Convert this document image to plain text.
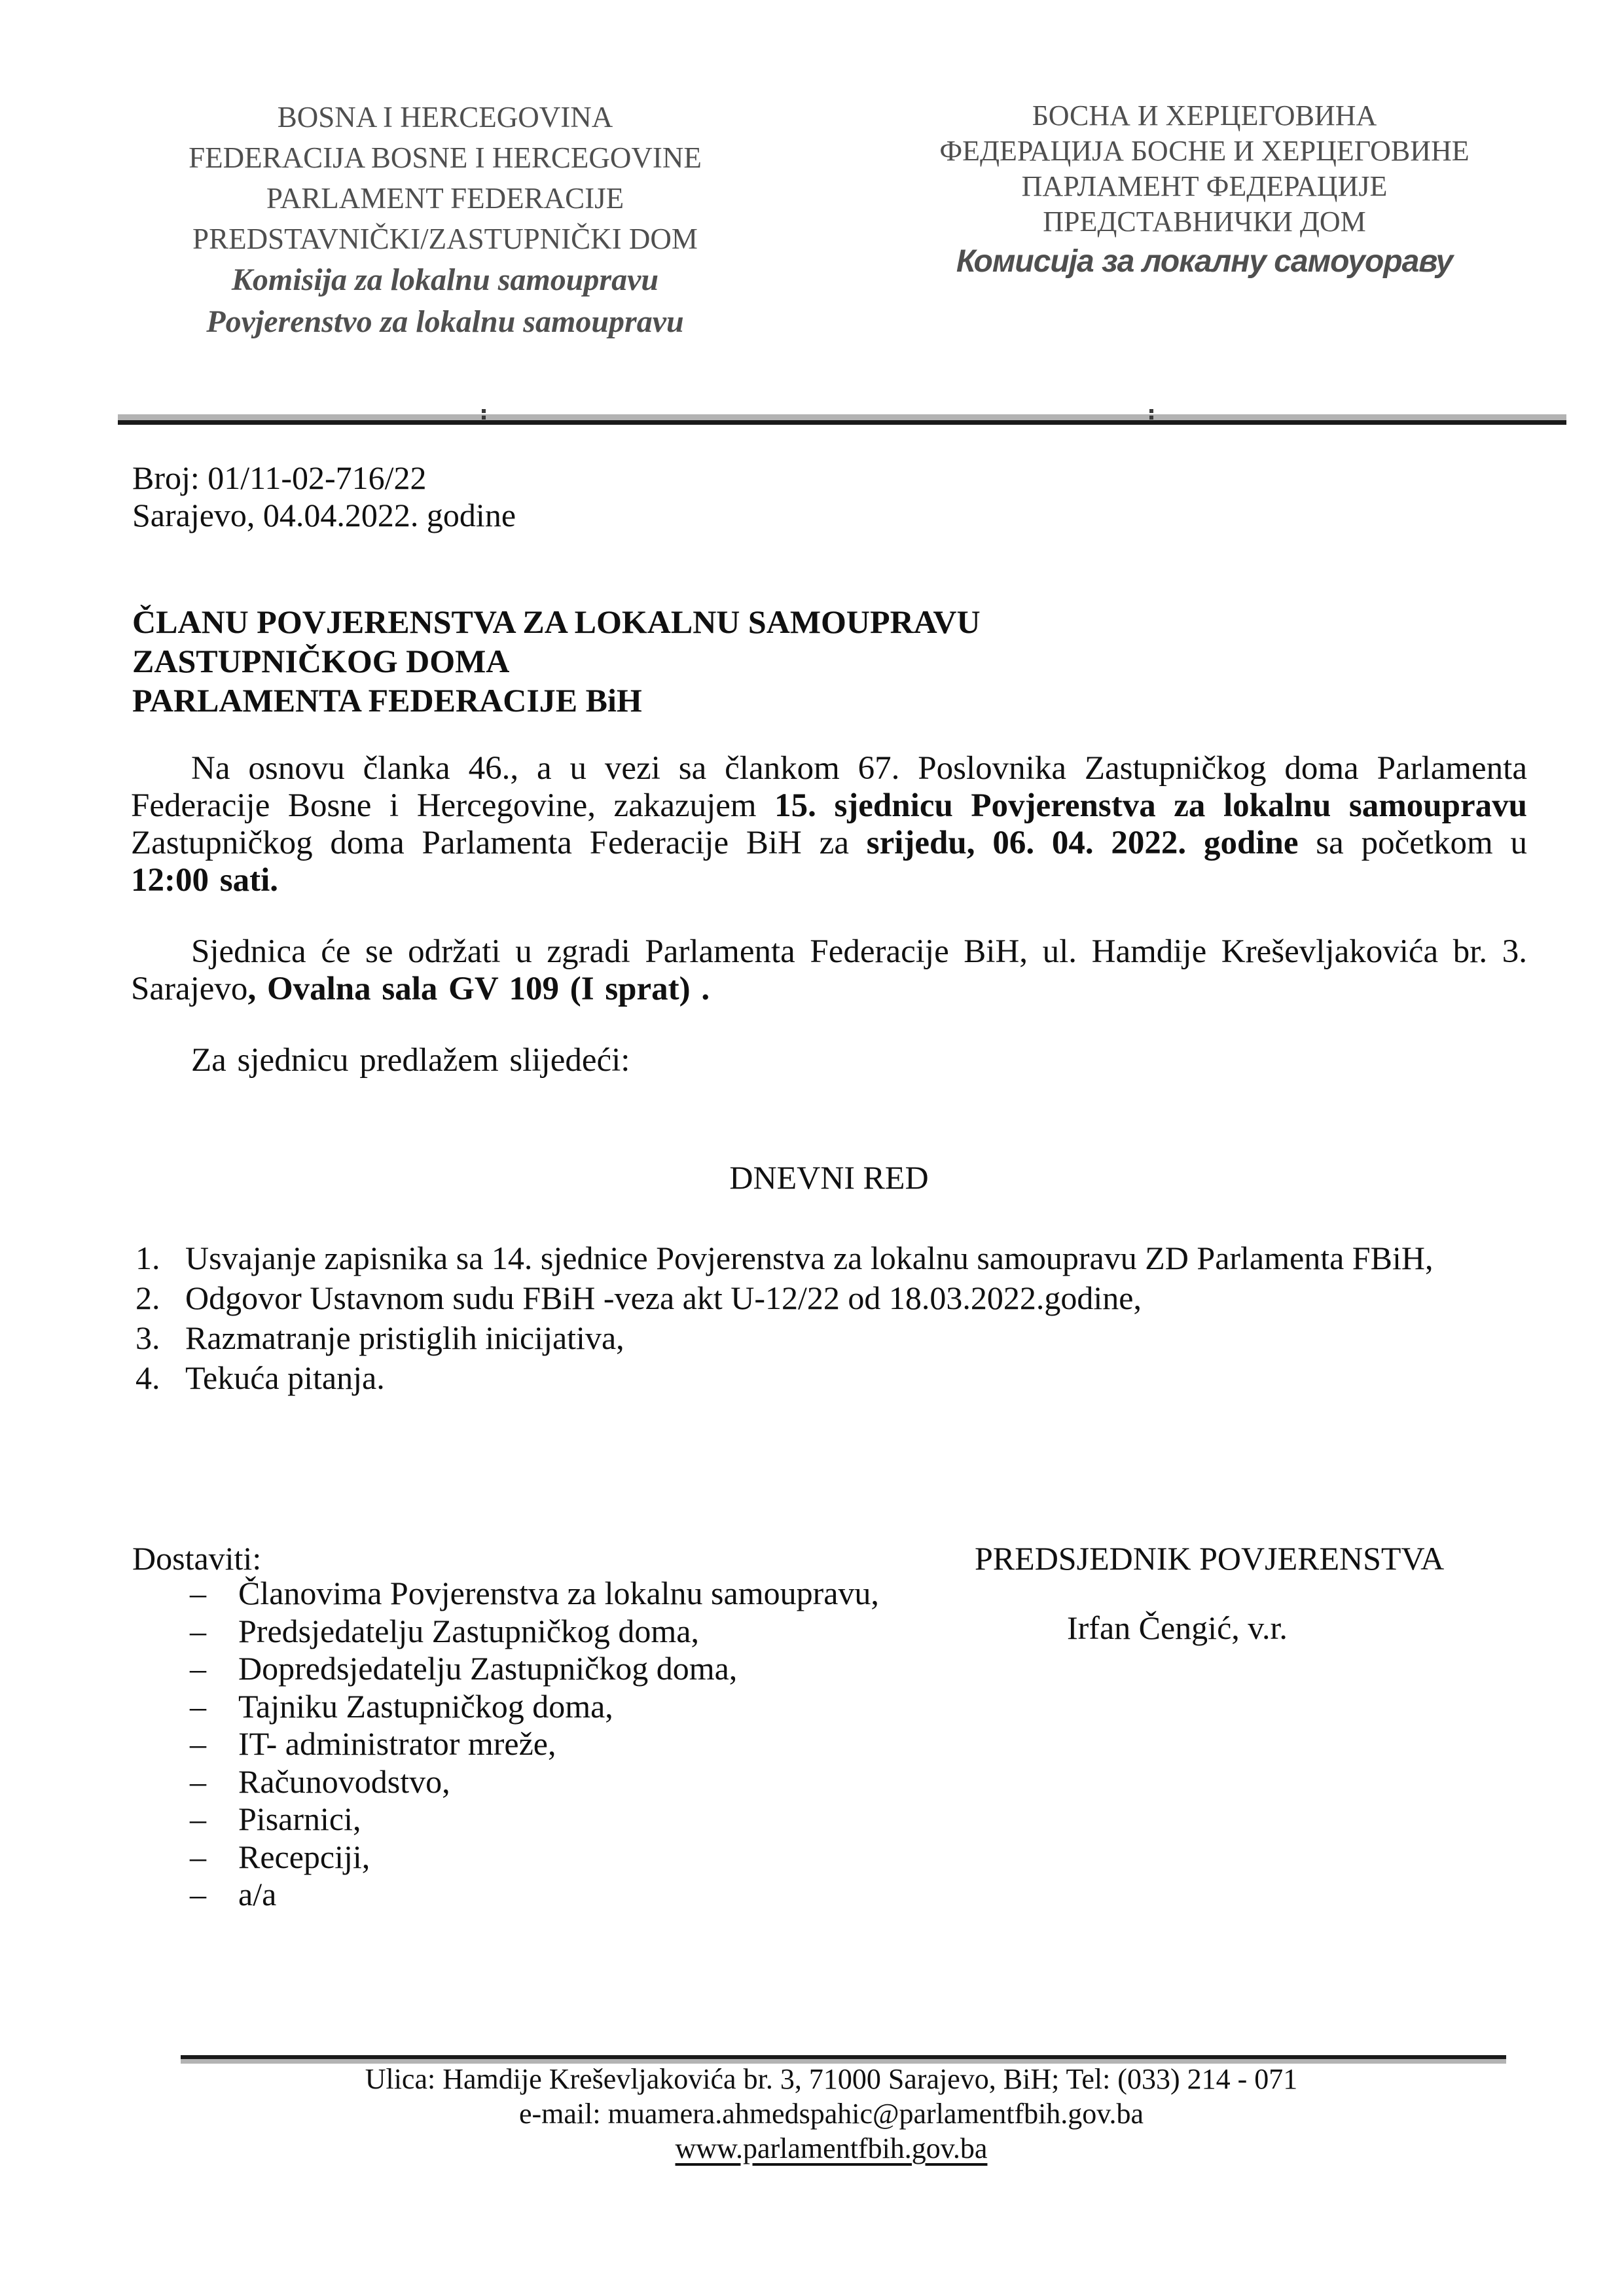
BOSNA I HERCEGOVINA
FEDERACIJA BOSNE I HERCEGOVINE
PARLAMENT FEDERACIJE
PREDSTAVNIČKI/ZASTUPNIČKI DOM
Komisija za lokalnu samoupravu
Povjerenstvo za lokalnu samoupravu
БОСНА И ХЕРЦЕГОВИНА
ФЕДЕРАЦИЈА БОСНЕ И ХЕРЦЕГОВИНЕ
ПАРЛАМЕНТ ФЕДЕРАЦИЈЕ
ПРЕДСТАВНИЧКИ ДОМ
Комисија за локалну самоуораву
Broj: 01/11-02-716/22
Sarajevo, 04.04.2022. godine
ČLANU POVJERENSTVA ZA LOKALNU SAMOUPRAVU
ZASTUPNIČKOG DOMA
PARLAMENTA FEDERACIJE BiH
Na osnovu članka 46., a u vezi sa člankom 67. Poslovnika Zastupničkog doma Parlamenta Federacije Bosne i Hercegovine, zakazujem 15. sjednicu Povjerenstva za lokalnu samoupravu Zastupničkog doma Parlamenta Federacije BiH za srijedu, 06. 04. 2022. godine sa početkom u 12:00 sati.
Sjednica će se održati u zgradi Parlamenta Federacije BiH, ul. Hamdije Kreševljakovića br. 3. Sarajevo, Ovalna sala GV 109 (I sprat) .
Za sjednicu predlažem slijedeći:
DNEVNI RED
1. Usvajanje zapisnika sa 14. sjednice Povjerenstva za lokalnu samoupravu ZD Parlamenta FBiH,
2. Odgovor Ustavnom sudu FBiH -veza akt U-12/22 od 18.03.2022.godine,
3. Razmatranje pristiglih inicijativa,
4. Tekuća pitanja.
Dostaviti:
– Članovima Povjerenstva za lokalnu samoupravu,
– Predsjedatelju Zastupničkog doma,
– Dopredsjedatelju Zastupničkog doma,
– Tajniku Zastupničkog doma,
– IT- administrator mreže,
– Računovodstvo,
– Pisarnici,
– Recepciji,
– a/a
PREDSJEDNIK POVJERENSTVA
Irfan Čengić, v.r.
Ulica: Hamdije Kreševljakovića br. 3, 71000 Sarajevo, BiH; Tel: (033) 214 - 071
e-mail: muamera.ahmedspahic@parlamentfbih.gov.ba
www.parlamentfbih.gov.ba
